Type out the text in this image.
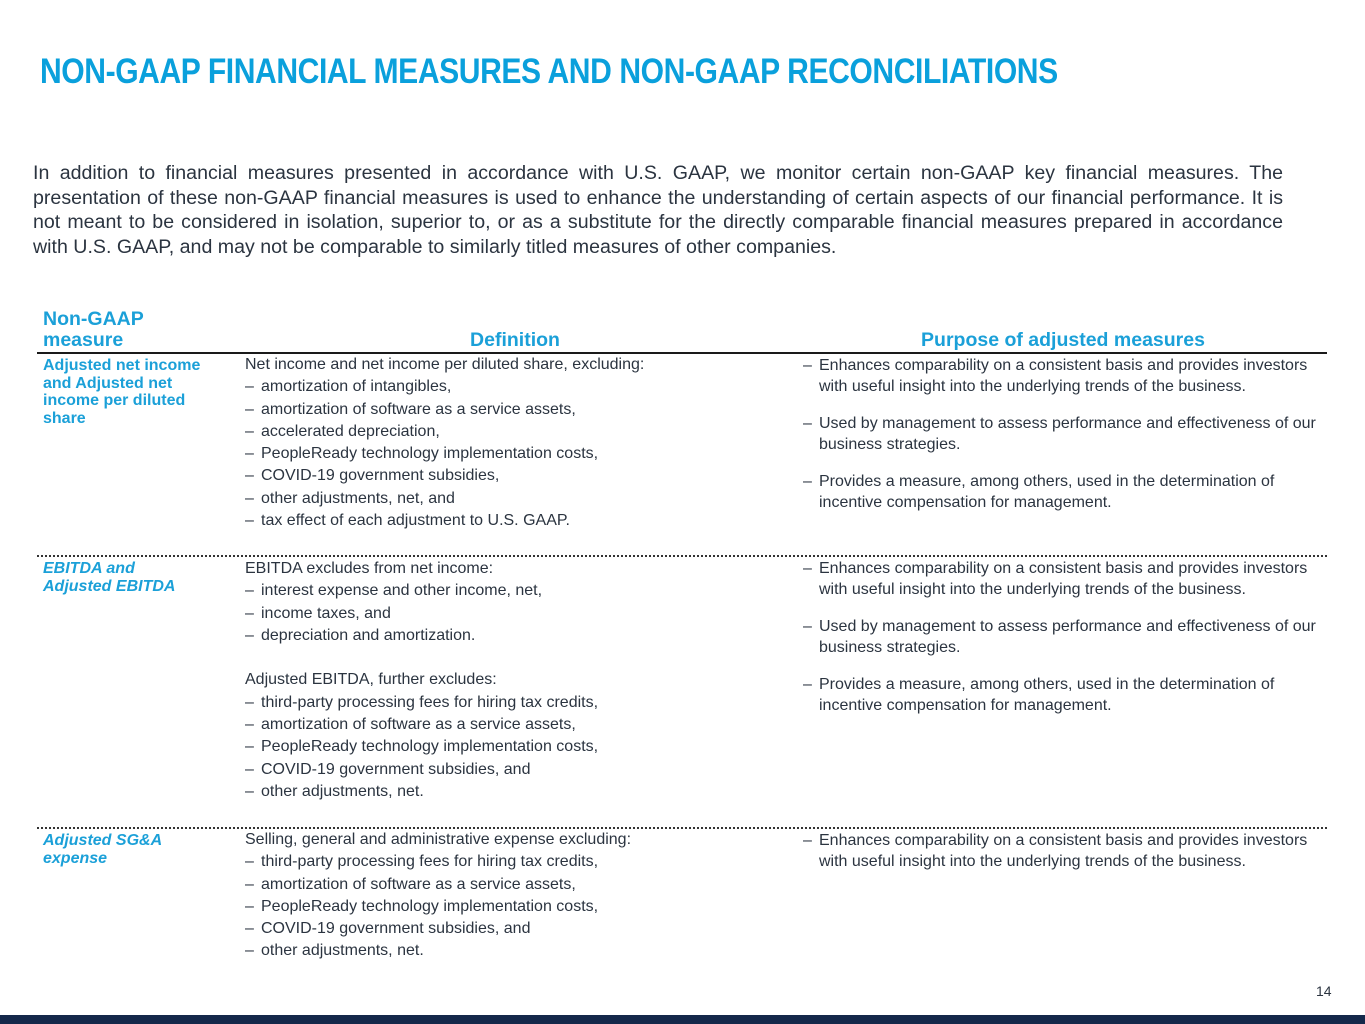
NON-GAAP FINANCIAL MEASURES AND NON-GAAP RECONCILIATIONS
In addition to financial measures presented in accordance with U.S. GAAP, we monitor certain non-GAAP key financial measures. The presentation of these non-GAAP financial measures is used to enhance the understanding of certain aspects of our financial performance. It is not meant to be considered in isolation, superior to, or as a substitute for the directly comparable financial measures prepared in accordance with U.S. GAAP, and may not be comparable to similarly titled measures of other companies.
Non-GAAP
measure	Definition	Purpose of adjusted measures
Adjusted net income and Adjusted net income per diluted share
Net income and net income per diluted share, excluding:
– amortization of intangibles,
– amortization of software as a service assets,
– accelerated depreciation,
– PeopleReady technology implementation costs,
– COVID-19 government subsidies,
– other adjustments, net, and
– tax effect of each adjustment to U.S. GAAP.
– Enhances comparability on a consistent basis and provides investors with useful insight into the underlying trends of the business.
– Used by management to assess performance and effectiveness of our business strategies.
– Provides a measure, among others, used in the determination of incentive compensation for management.
EBITDA and
Adjusted EBITDA
EBITDA excludes from net income:
– interest expense and other income, net,
– income taxes, and
– depreciation and amortization.
Adjusted EBITDA, further excludes:
– third-party processing fees for hiring tax credits,
– amortization of software as a service assets,
– PeopleReady technology implementation costs,
– COVID-19 government subsidies, and
– other adjustments, net.
– Enhances comparability on a consistent basis and provides investors with useful insight into the underlying trends of the business.
– Used by management to assess performance and effectiveness of our business strategies.
– Provides a measure, among others, used in the determination of incentive compensation for management.
Adjusted SG&A
expense
Selling, general and administrative expense excluding:
– third-party processing fees for hiring tax credits,
– amortization of software as a service assets,
– PeopleReady technology implementation costs,
– COVID-19 government subsidies, and
– other adjustments, net.
– Enhances comparability on a consistent basis and provides investors with useful insight into the underlying trends of the business.
14
